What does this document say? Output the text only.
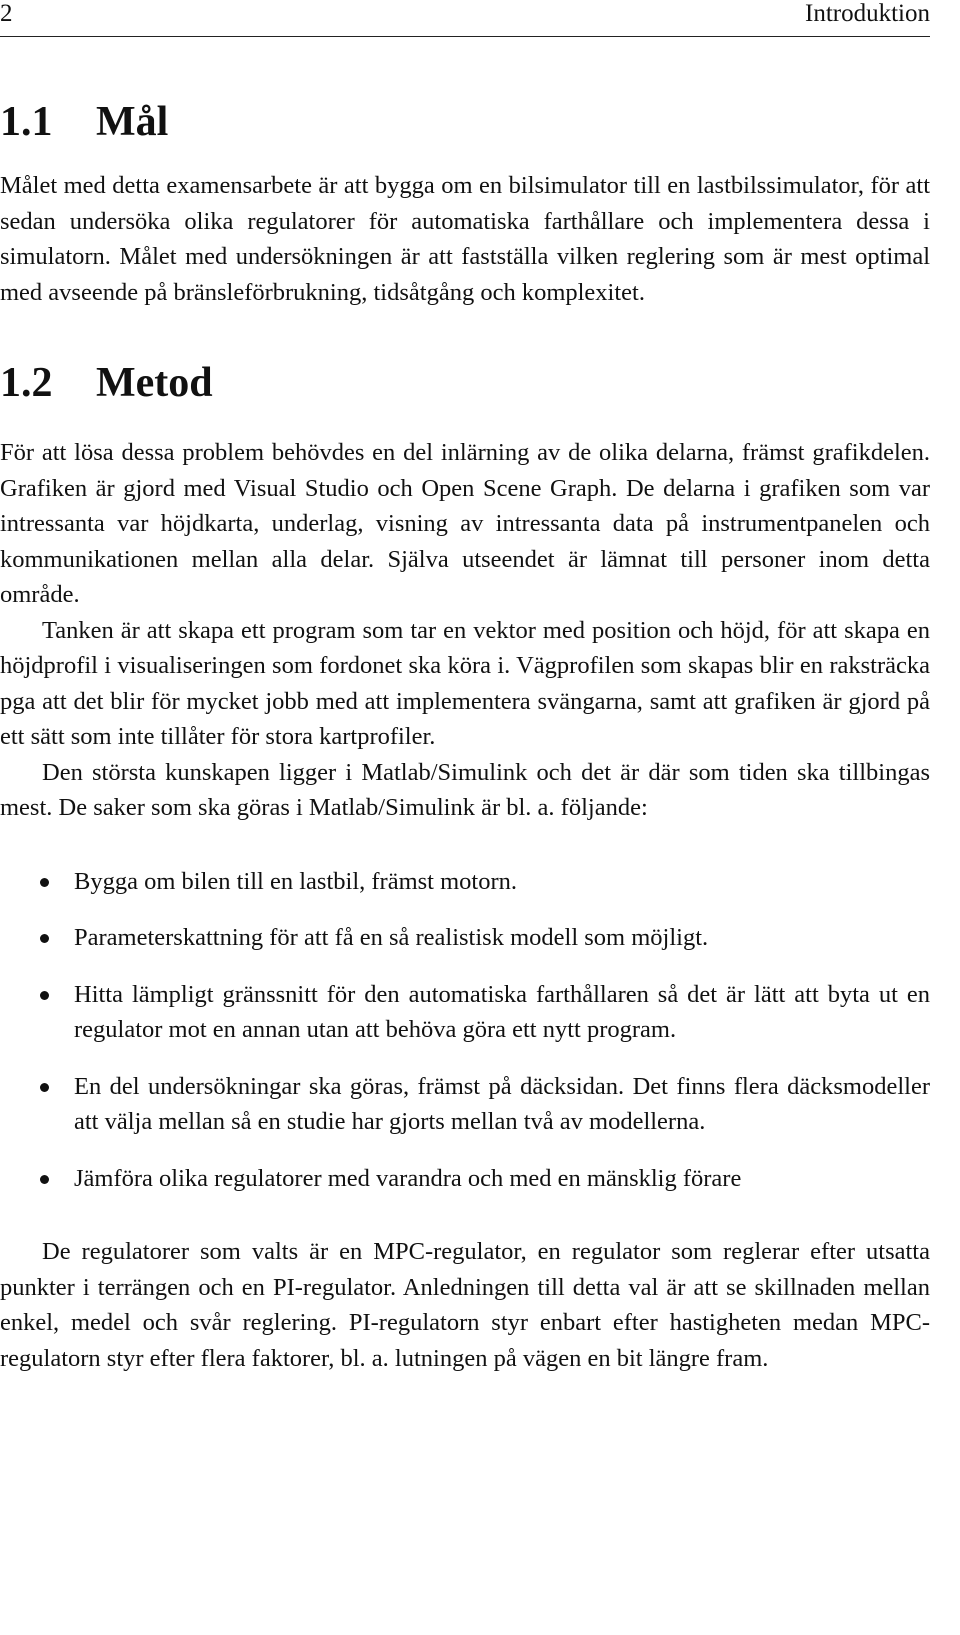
2	Introduktion
1.1 Mål

Målet med detta examensarbete är att bygga om en bilsimulator till en lastbilssimulator, för att sedan undersöka olika regulatorer för automatiska farthållare och implementera dessa i simulatorn. Målet med undersökningen är att fastställa vilken reglering som är mest optimal med avseende på bränsleförbrukning, tidsåtgång och komplexitet.

1.2 Metod

För att lösa dessa problem behövdes en del inlärning av de olika delarna, främst grafikdelen. Grafiken är gjord med Visual Studio och Open Scene Graph. De delarna i grafiken som var intressanta var höjdkarta, underlag, visning av intressanta data på instrumentpanelen och kommunikationen mellan alla delar. Själva utseendet är lämnat till personer inom detta område.

Tanken är att skapa ett program som tar en vektor med position och höjd, för att skapa en höjdprofil i visualiseringen som fordonet ska köra i. Vägprofilen som skapas blir en raksträcka pga att det blir för mycket jobb med att implementera svängarna, samt att grafiken är gjord på ett sätt som inte tillåter för stora kartprofiler.

Den största kunskapen ligger i Matlab/Simulink och det är där som tiden ska tillbingas mest. De saker som ska göras i Matlab/Simulink är bl. a. följande:

Bygga om bilen till en lastbil, främst motorn.
Parameterskattning för att få en så realistisk modell som möjligt.
Hitta lämpligt gränssnitt för den automatiska farthållaren så det är lätt att byta ut en regulator mot en annan utan att behöva göra ett nytt program.
En del undersökningar ska göras, främst på däcksidan. Det finns flera däcksmodeller att välja mellan så en studie har gjorts mellan två av modellerna.
Jämföra olika regulatorer med varandra och med en mänsklig förare

De regulatorer som valts är en MPC-regulator, en regulator som reglerar efter utsatta punkter i terrängen och en PI-regulator. Anledningen till detta val är att se skillnaden mellan enkel, medel och svår reglering. PI-regulatorn styr enbart efter hastigheten medan MPC-regulatorn styr efter flera faktorer, bl. a. lutningen på vägen en bit längre fram.
